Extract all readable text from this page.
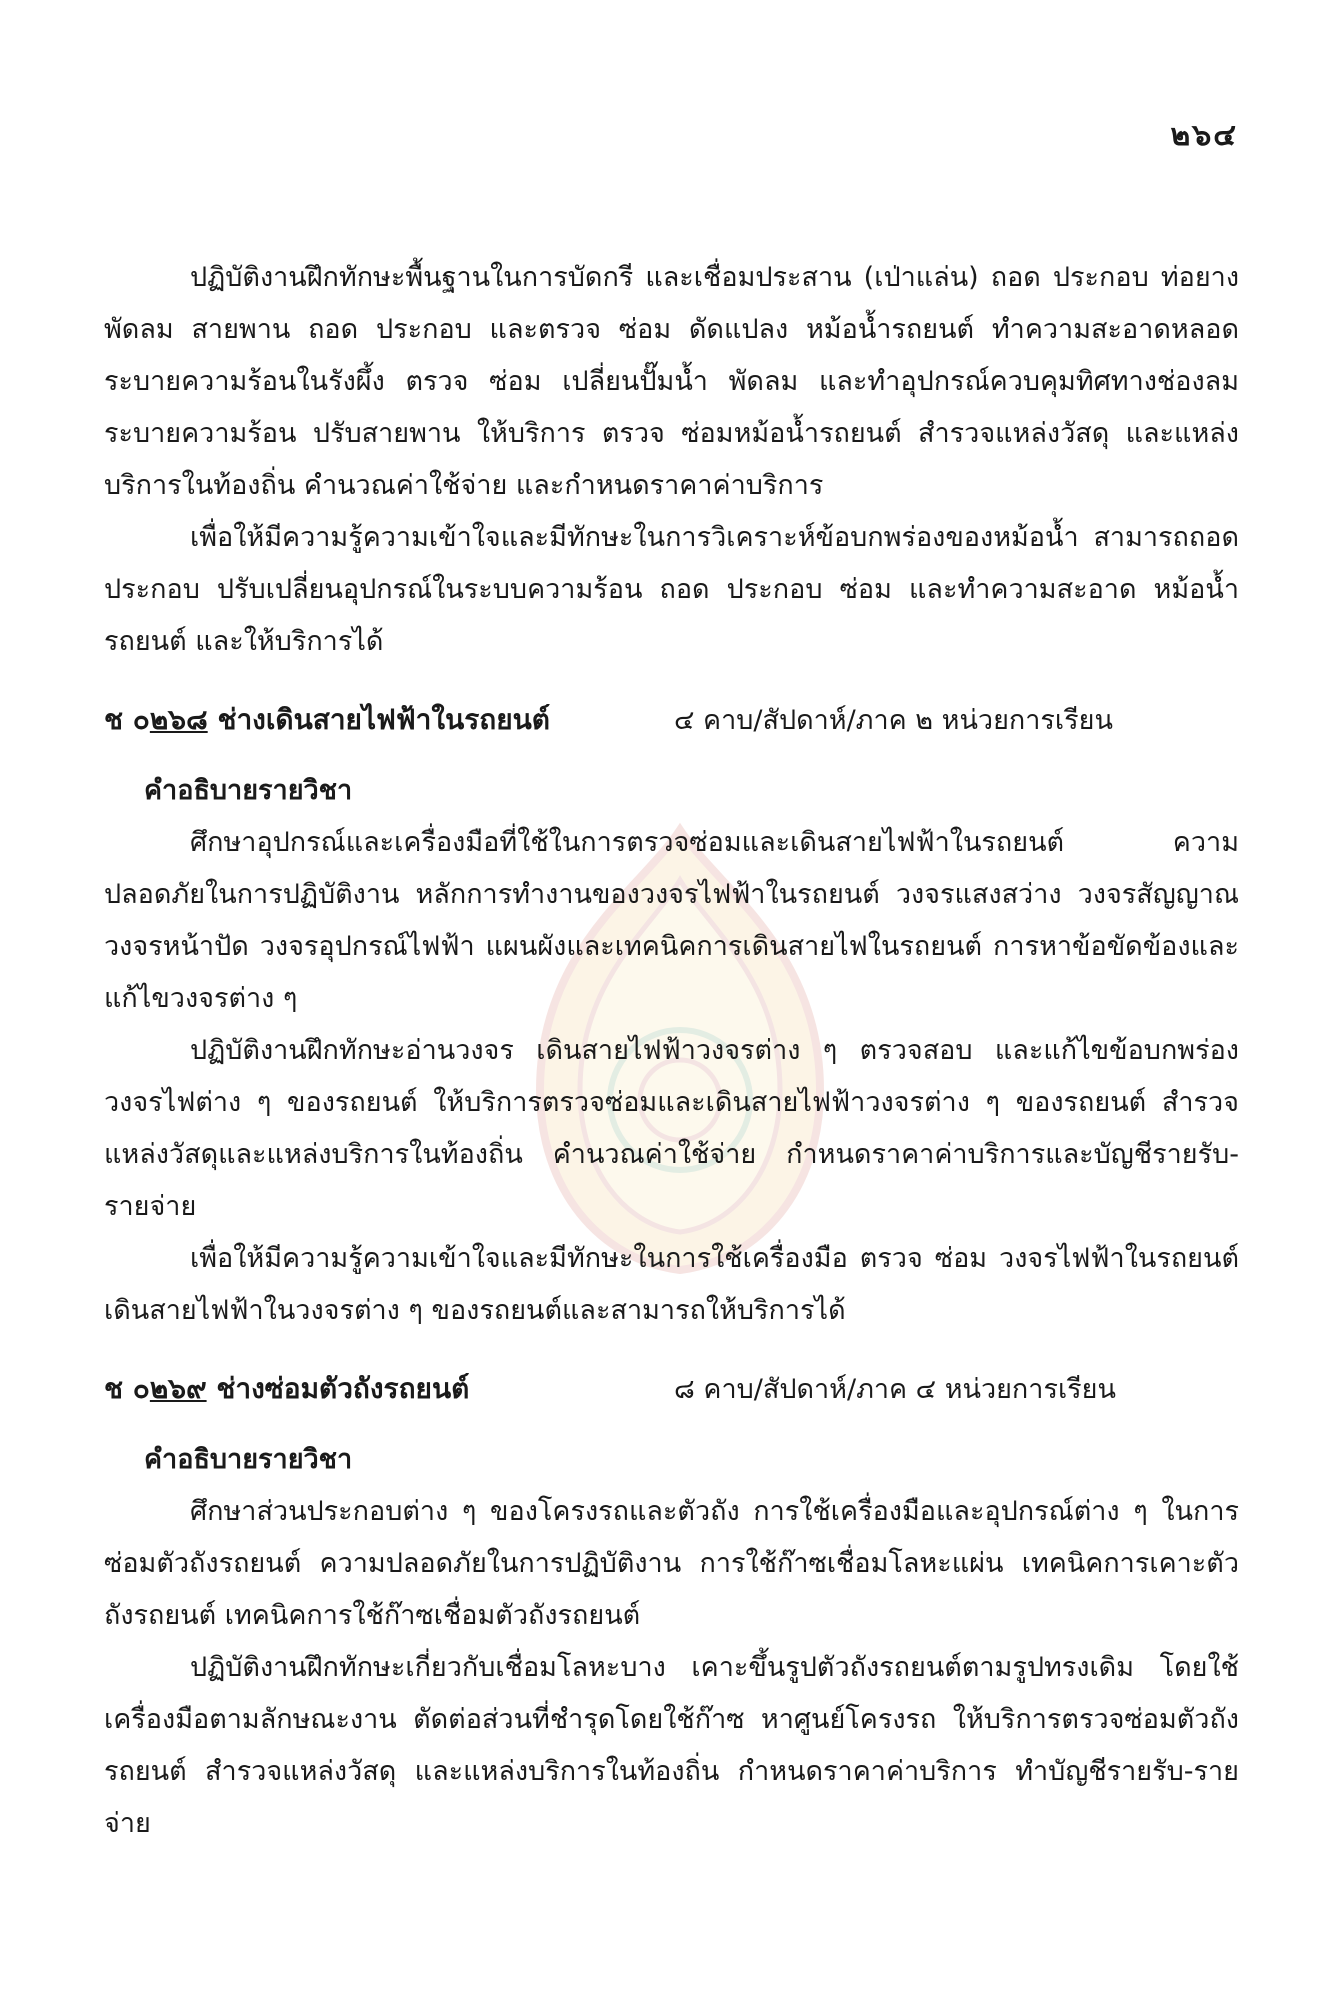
๒๖๔

ปฏิบัติงานฝึกทักษะพื้นฐานในการบัดกรี และเชื่อมประสาน (เป่าแล่น) ถอด ประกอบ ท่อยาง พัดลม สายพาน ถอด ประกอบ และตรวจ ซ่อม ดัดแปลง หม้อน้ำรถยนต์ ทำความสะอาดหลอดระบายความร้อนในรังผึ้ง ตรวจ ซ่อม เปลี่ยนปั๊มน้ำ พัดลม และทำอุปกรณ์ควบคุมทิศทางช่องลม ระบายความร้อน ปรับสายพาน ให้บริการ ตรวจ ซ่อมหม้อน้ำรถยนต์ สำรวจแหล่งวัสดุ และแหล่งบริการในท้องถิ่น คำนวณค่าใช้จ่าย และกำหนดราคาค่าบริการ

เพื่อให้มีความรู้ความเข้าใจและมีทักษะในการวิเคราะห์ข้อบกพร่องของหม้อน้ำ สามารถถอด ประกอบ ปรับเปลี่ยนอุปกรณ์ในระบบความร้อน ถอด ประกอบ ซ่อม และทำความสะอาด หม้อน้ำรถยนต์ และให้บริการได้

ช ๐๒๖๘ ช่างเดินสายไฟฟ้าในรถยนต์	๔ คาบ/สัปดาห์/ภาค ๒ หน่วยการเรียน

คำอธิบายรายวิชา

ศึกษาอุปกรณ์และเครื่องมือที่ใช้ในการตรวจซ่อมและเดินสายไฟฟ้าในรถยนต์ ความปลอดภัยในการปฏิบัติงาน หลักการทำงานของวงจรไฟฟ้าในรถยนต์ วงจรแสงสว่าง วงจรสัญญาณ วงจรหน้าปัด วงจรอุปกรณ์ไฟฟ้า แผนผังและเทคนิคการเดินสายไฟในรถยนต์ การหาข้อขัดข้องและแก้ไขวงจรต่าง ๆ

ปฏิบัติงานฝึกทักษะอ่านวงจร เดินสายไฟฟ้าวงจรต่าง ๆ ตรวจสอบ และแก้ไขข้อบกพร่องวงจรไฟต่าง ๆ ของรถยนต์ ให้บริการตรวจซ่อมและเดินสายไฟฟ้าวงจรต่าง ๆ ของรถยนต์ สำรวจแหล่งวัสดุและแหล่งบริการในท้องถิ่น คำนวณค่าใช้จ่าย กำหนดราคาค่าบริการและบัญชีรายรับ-รายจ่าย

เพื่อให้มีความรู้ความเข้าใจและมีทักษะในการใช้เครื่องมือ ตรวจ ซ่อม วงจรไฟฟ้าในรถยนต์ เดินสายไฟฟ้าในวงจรต่าง ๆ ของรถยนต์และสามารถให้บริการได้

ช ๐๒๖๙ ช่างซ่อมตัวถังรถยนต์	๘ คาบ/สัปดาห์/ภาค ๔ หน่วยการเรียน

คำอธิบายรายวิชา

ศึกษาส่วนประกอบต่าง ๆ ของโครงรถและตัวถัง การใช้เครื่องมือและอุปกรณ์ต่าง ๆ ในการซ่อมตัวถังรถยนต์ ความปลอดภัยในการปฏิบัติงาน การใช้ก๊าซเชื่อมโลหะแผ่น เทคนิคการเคาะตัวถังรถยนต์ เทคนิคการใช้ก๊าซเชื่อมตัวถังรถยนต์

ปฏิบัติงานฝึกทักษะเกี่ยวกับเชื่อมโลหะบาง เคาะขึ้นรูปตัวถังรถยนต์ตามรูปทรงเดิม โดยใช้เครื่องมือตามลักษณะงาน ตัดต่อส่วนที่ชำรุดโดยใช้ก๊าซ หาศูนย์โครงรถ ให้บริการตรวจซ่อมตัวถังรถยนต์ สำรวจแหล่งวัสดุ และแหล่งบริการในท้องถิ่น กำหนดราคาค่าบริการ ทำบัญชีรายรับ-รายจ่าย
